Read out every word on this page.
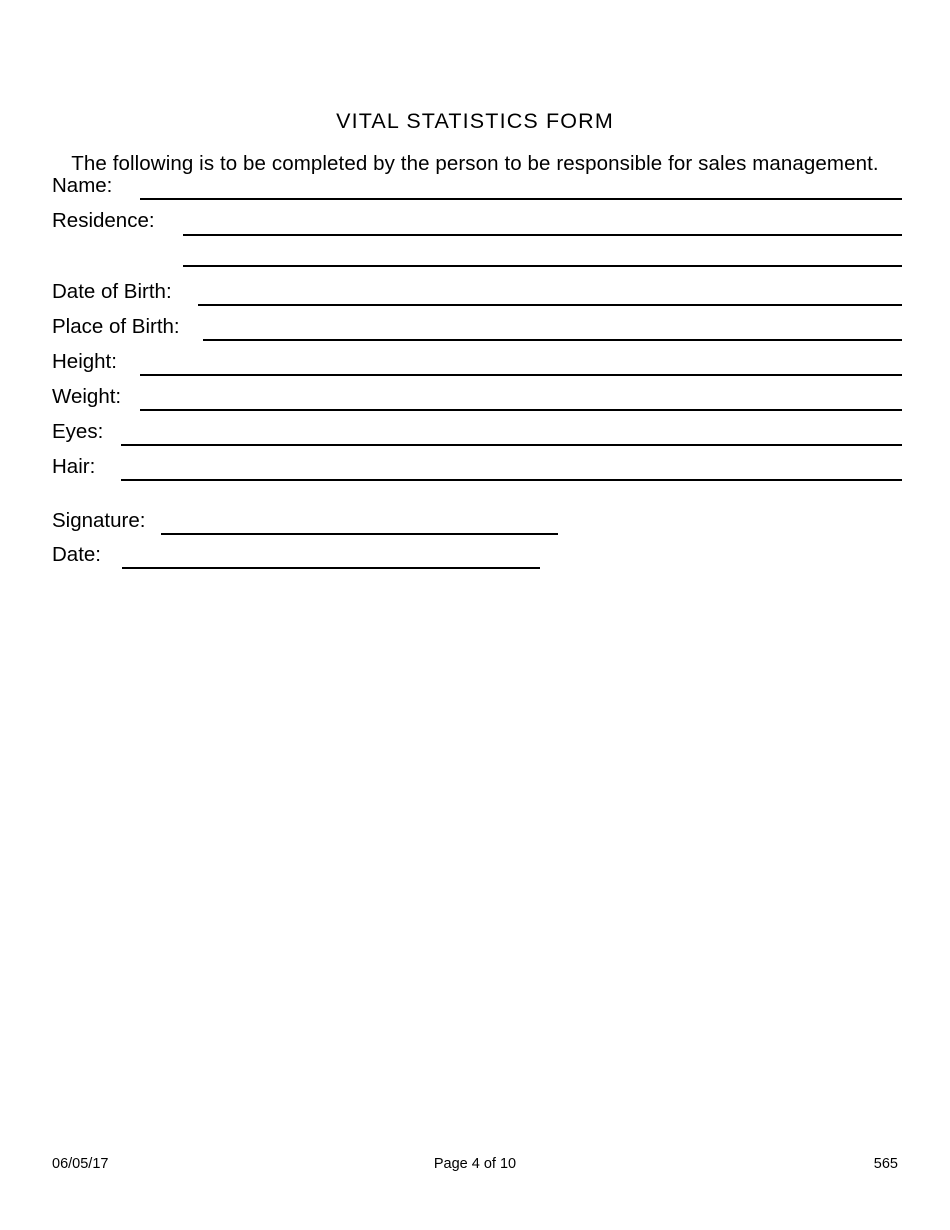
VITAL STATISTICS FORM

The following is to be completed by the person to be responsible for sales management.

Name:
Residence:
Date of Birth:
Place of Birth:
Height:
Weight:
Eyes:
Hair:
Signature:
Date:
06/05/17	Page 4 of 10	565
